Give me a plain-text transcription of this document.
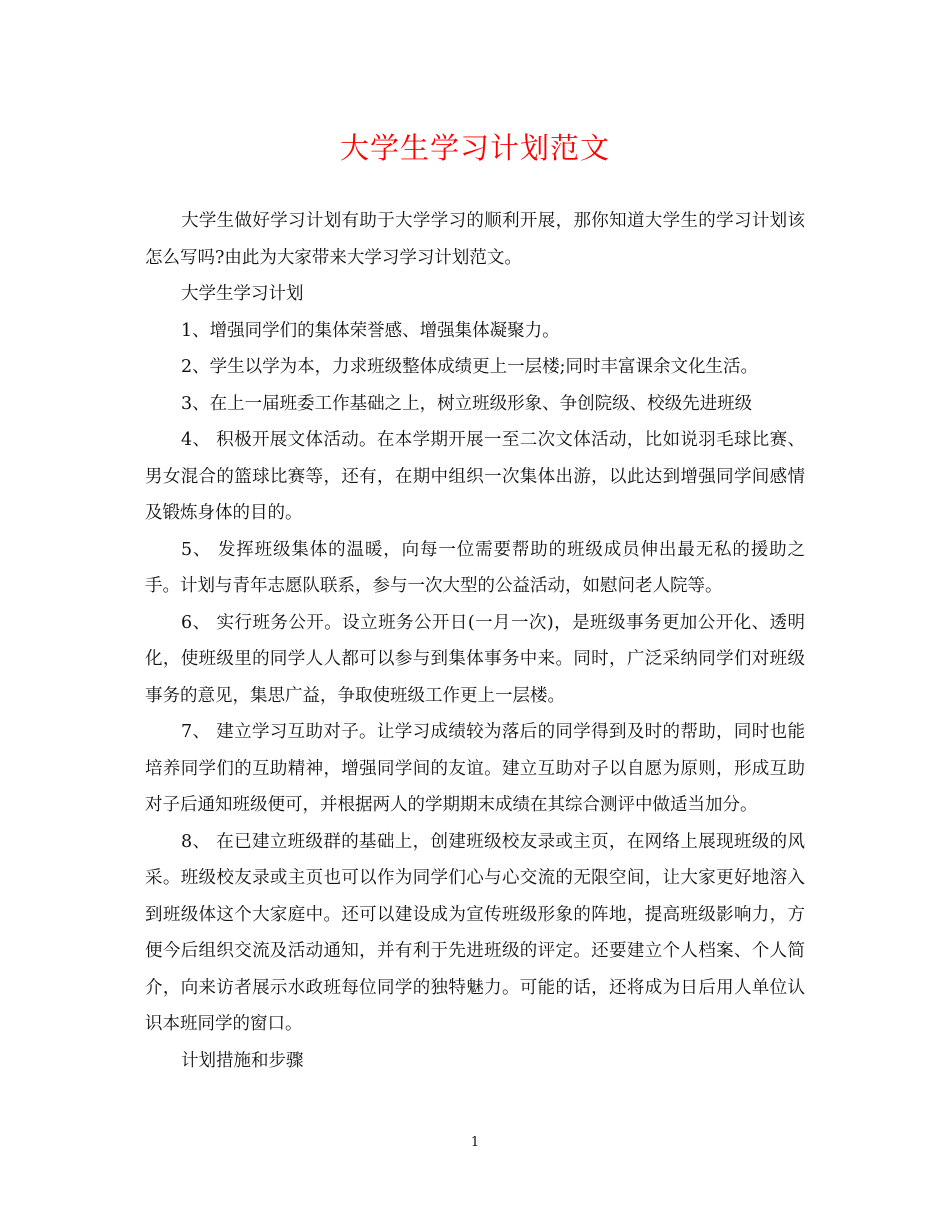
大学生学习计划范文

大学生做好学习计划有助于大学学习的顺利开展，那你知道大学生的学习计划该怎么写吗?由此为大家带来大学习学习计划范文。

大学生学习计划

1、增强同学们的集体荣誉感、增强集体凝聚力。

2、学生以学为本，力求班级整体成绩更上一层楼;同时丰富课余文化生活。

3、在上一届班委工作基础之上，树立班级形象、争创院级、校级先进班级

4、 积极开展文体活动。在本学期开展一至二次文体活动，比如说羽毛球比赛、男女混合的篮球比赛等，还有，在期中组织一次集体出游，以此达到增强同学间感情及锻炼身体的目的。

5、 发挥班级集体的温暖，向每一位需要帮助的班级成员伸出最无私的援助之手。计划与青年志愿队联系，参与一次大型的公益活动，如慰问老人院等。

6、 实行班务公开。设立班务公开日(一月一次)，是班级事务更加公开化、透明化，使班级里的同学人人都可以参与到集体事务中来。同时，广泛采纳同学们对班级事务的意见，集思广益，争取使班级工作更上一层楼。

7、 建立学习互助对子。让学习成绩较为落后的同学得到及时的帮助，同时也能培养同学们的互助精神，增强同学间的友谊。建立互助对子以自愿为原则，形成互助对子后通知班级便可，并根据两人的学期期末成绩在其综合测评中做适当加分。

8、 在已建立班级群的基础上，创建班级校友录或主页，在网络上展现班级的风采。班级校友录或主页也可以作为同学们心与心交流的无限空间，让大家更好地溶入到班级体这个大家庭中。还可以建设成为宣传班级形象的阵地，提高班级影响力，方便今后组织交流及活动通知，并有利于先进班级的评定。还要建立个人档案、个人简介，向来访者展示水政班每位同学的独特魅力。可能的话，还将成为日后用人单位认识本班同学的窗口。

计划措施和步骤

1
